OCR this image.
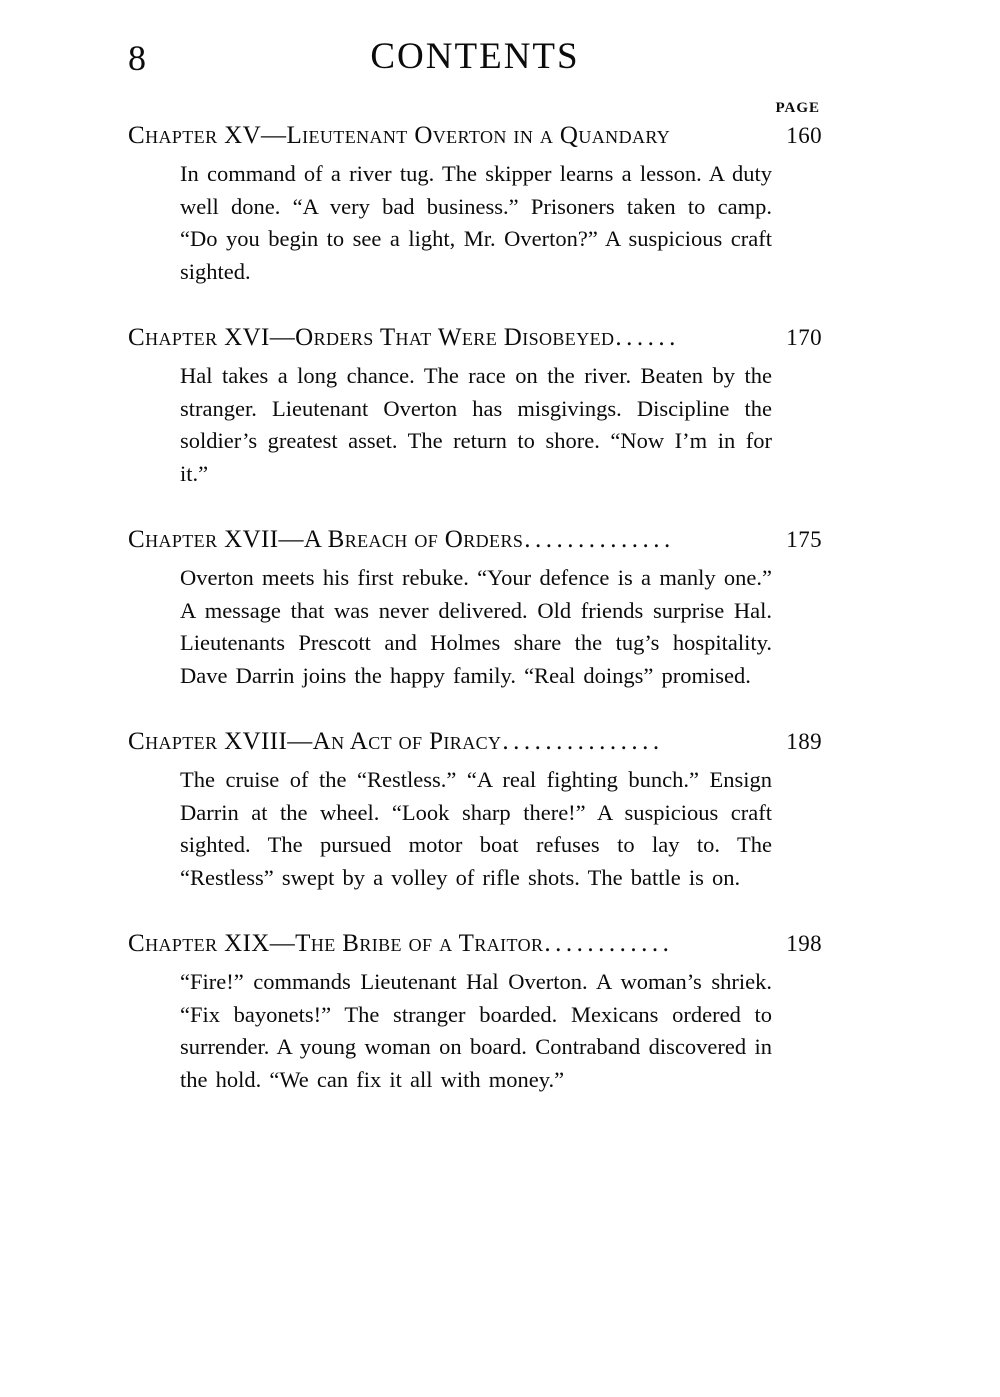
8	CONTENTS
PAGE
Chapter XV—Lieutenant Overton in a Quandary	160

In command of a river tug. The skipper learns a lesson. A duty well done. “A very bad business.” Prisoners taken to camp. “Do you begin to see a light, Mr. Overton?” A suspicious craft sighted.

Chapter XVI—Orders That Were Disobeyed ......	170

Hal takes a long chance. The race on the river. Beaten by the stranger. Lieutenant Overton has misgivings. Discipline the soldier’s greatest asset. The return to shore. “Now I’m in for it.”

Chapter XVII—A Breach of Orders ..............	175

Overton meets his first rebuke. “Your defence is a manly one.” A message that was never delivered. Old friends surprise Hal. Lieutenants Prescott and Holmes share the tug’s hospitality. Dave Darrin joins the happy family. “Real doings” promised.

Chapter XVIII—An Act of Piracy ...............	189

The cruise of the “Restless.” “A real fighting bunch.” Ensign Darrin at the wheel. “Look sharp there!” A suspicious craft sighted. The pursued motor boat refuses to lay to. The “Restless” swept by a volley of rifle shots. The battle is on.

Chapter XIX—The Bribe of a Traitor ............	198

“Fire!” commands Lieutenant Hal Overton. A woman’s shriek. “Fix bayonets!” The stranger boarded. Mexicans ordered to surrender. A young woman on board. Contraband discovered in the hold. “We can fix it all with money.”
